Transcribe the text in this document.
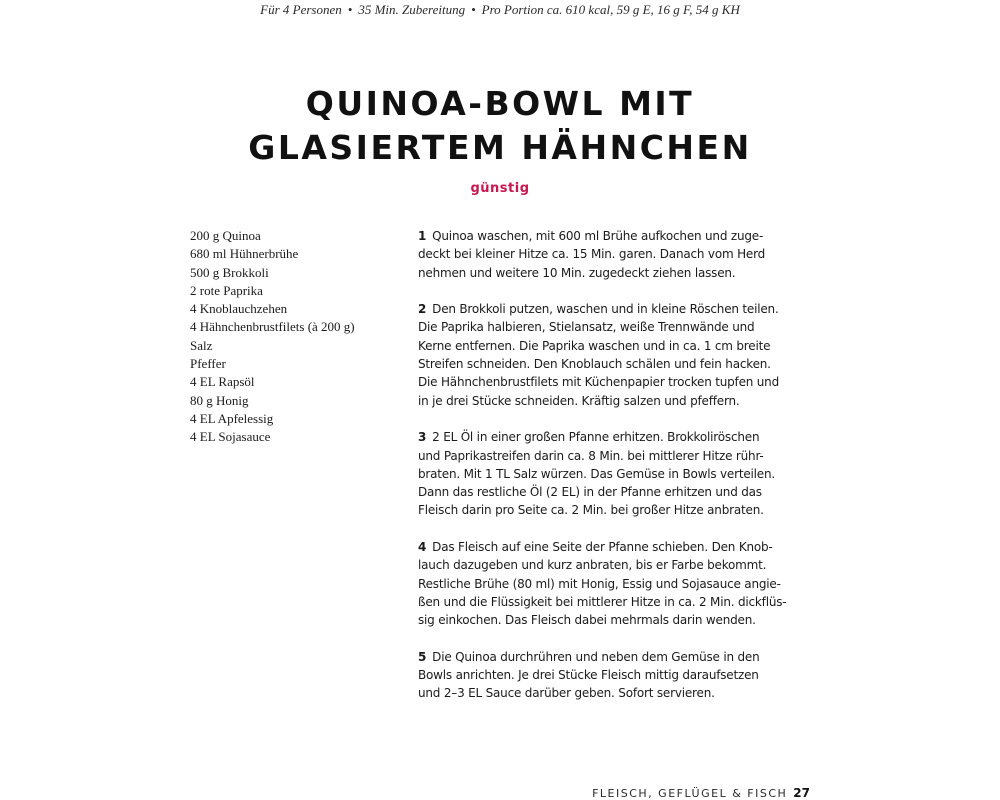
Für 4 Personen • 35 Min. Zubereitung • Pro Portion ca. 610 kcal, 59 g E, 16 g F, 54 g KH
QUINOA-BOWL MIT
GLASIERTEM HÄHNCHEN
günstig
200 g Quinoa
680 ml Hühnerbrühe
500 g Brokkoli
2 rote Paprika
4 Knoblauchzehen
4 Hähnchenbrustfilets (à 200 g)
Salz
Pfeffer
4 EL Rapsöl
80 g Honig
4 EL Apfelessig
4 EL Sojasauce

1 Quinoa waschen, mit 600 ml Brühe aufkochen und zuge-
deckt bei kleiner Hitze ca. 15 Min. garen. Danach vom Herd
nehmen und weitere 10 Min. zugedeckt ziehen lassen.

2 Den Brokkoli putzen, waschen und in kleine Röschen teilen.
Die Paprika halbieren, Stielansatz, weiße Trennwände und
Kerne entfernen. Die Paprika waschen und in ca. 1 cm breite
Streifen schneiden. Den Knoblauch schälen und fein hacken.
Die Hähnchenbrustfilets mit Küchenpapier trocken tupfen und
in je drei Stücke schneiden. Kräftig salzen und pfeffern.

3 2 EL Öl in einer großen Pfanne erhitzen. Brokkoliröschen
und Paprikastreifen darin ca. 8 Min. bei mittlerer Hitze rühr-
braten. Mit 1 TL Salz würzen. Das Gemüse in Bowls verteilen.
Dann das restliche Öl (2 EL) in der Pfanne erhitzen und das
Fleisch darin pro Seite ca. 2 Min. bei großer Hitze anbraten.

4 Das Fleisch auf eine Seite der Pfanne schieben. Den Knob-
lauch dazugeben und kurz anbraten, bis er Farbe bekommt.
Restliche Brühe (80 ml) mit Honig, Essig und Sojasauce angie-
ßen und die Flüssigkeit bei mittlerer Hitze in ca. 2 Min. dickflüs-
sig einkochen. Das Fleisch dabei mehrmals darin wenden.

5 Die Quinoa durchrühren und neben dem Gemüse in den
Bowls anrichten. Je drei Stücke Fleisch mittig daraufsetzen
und 2–3 EL Sauce darüber geben. Sofort servieren.

FLEISCH, GEFLÜGEL & FISCH 27
